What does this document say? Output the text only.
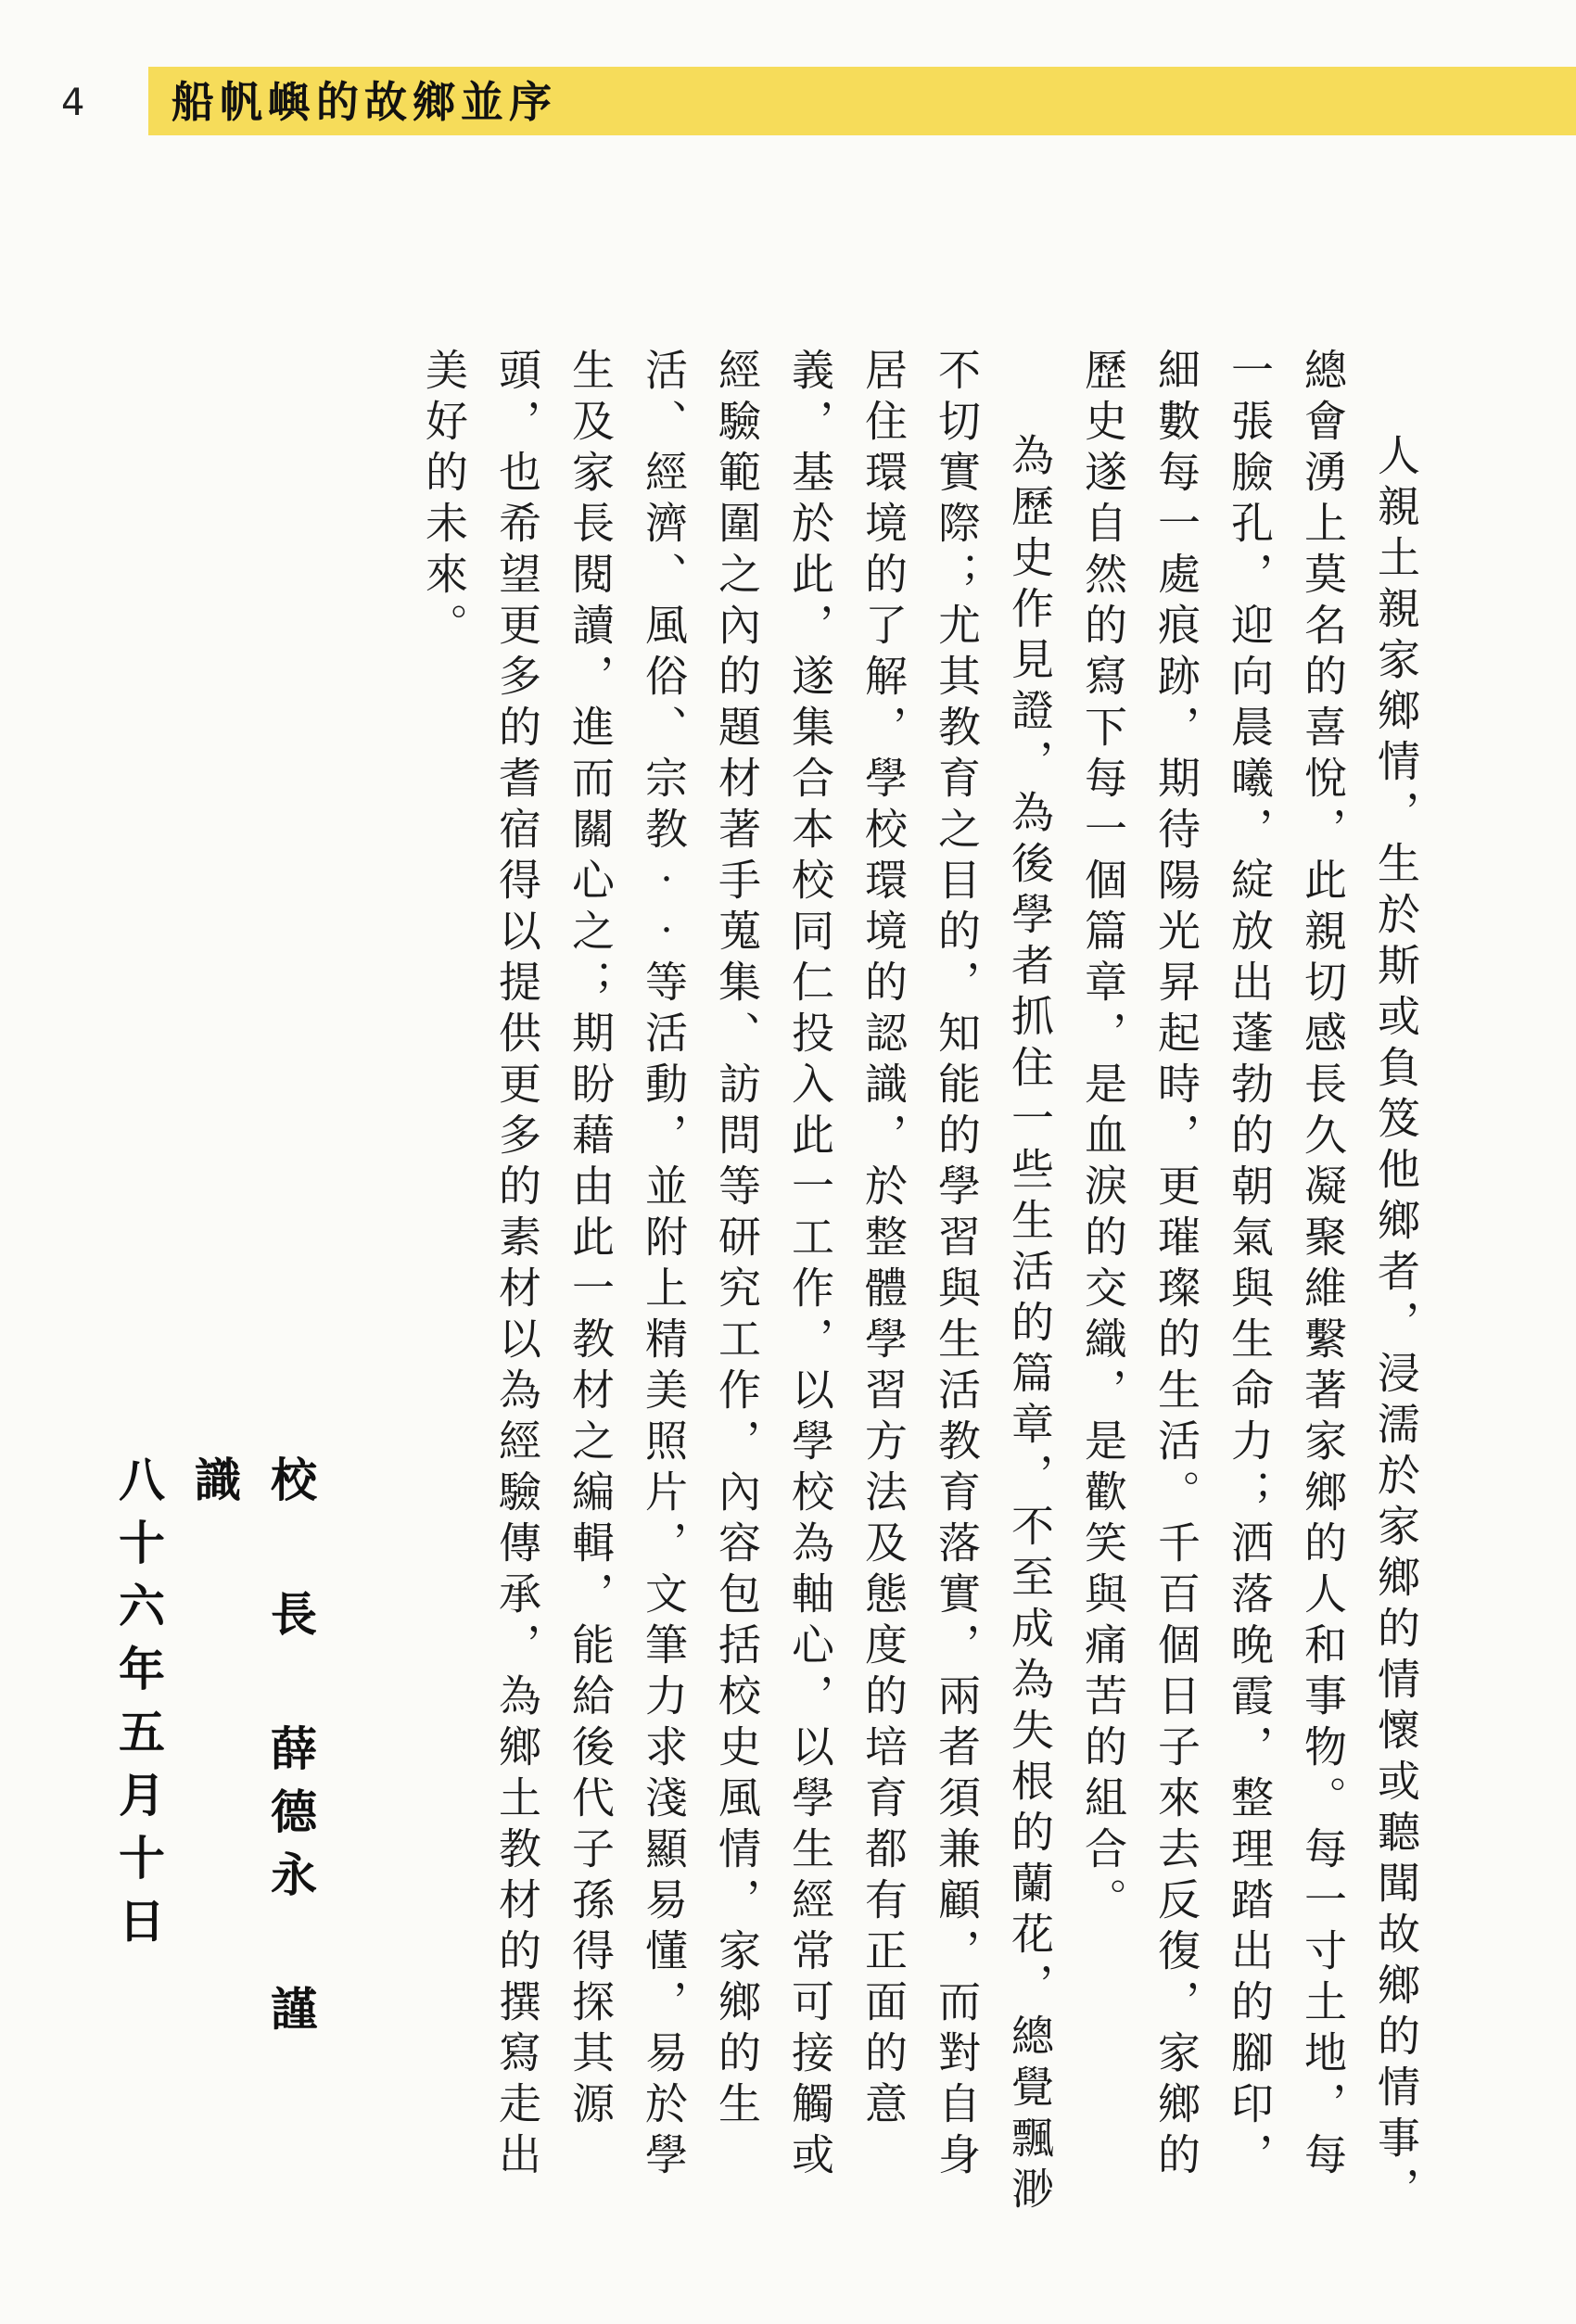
4 船帆嶼的故鄉並序

人親土親家鄉情，生於斯或負笈他鄉者，浸濡於家鄉的情懷或聽聞故鄉的情事，總會湧上莫名的喜悅，此親切感長久凝聚維繫著家鄉的人和事物。每一寸土地，每一張臉孔，迎向晨曦，綻放出蓬勃的朝氣與生命力；洒落晚霞，整理踏出的腳印，細數每一處痕跡，期待陽光昇起時，更璀璨的生活。千百個日子來去反復，家鄉的歷史遂自然的寫下每一個篇章，是血淚的交織，是歡笑與痛苦的組合。

為歷史作見證，為後學者抓住一些生活的篇章，不至成為失根的蘭花，總覺飄渺不切實際；尤其教育之目的，知能的學習與生活教育落實，兩者須兼顧，而對自身居住環境的了解，學校環境的認識，於整體學習方法及態度的培育都有正面的意義，基於此，遂集合本校同仁投入此一工作，以學校為軸心，以學生經常可接觸或經驗範圍之內的題材著手蒐集、訪問等研究工作，內容包括校史風情，家鄉的生活、經濟、風俗、宗教‧‧等活動，並附上精美照片，文筆力求淺顯易懂，易於學生及家長閱讀，進而關心之；期盼藉由此一教材之編輯，能給後代子孫得探其源頭，也希望更多的耆宿得以提供更多的素材以為經驗傳承，為鄉土教材的撰寫走出美好的未來。

校 長 薛德永 謹識
八十六年五月十日
